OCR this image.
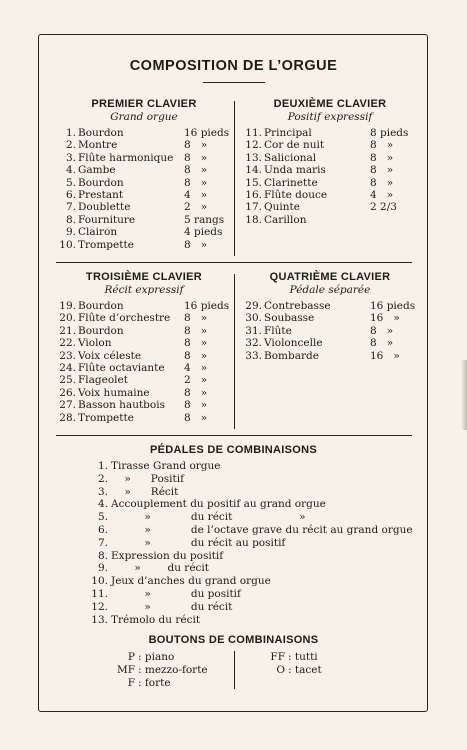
COMPOSITION DE L’ORGUE
PREMIER CLAVIER
Grand orgue
1. Bourdon	16 pieds
2. Montre	8   »
3. Flûte harmonique 8   »
4. Gambe	8   »
5. Bourdon	8   »
6. Prestant	4   »
7. Doublette	2   »
8. Fourniture	5 rangs
9. Clairon	4 pieds
10. Trompette	8   »
DEUXIÈME CLAVIER
Positif expressif
11. Principal	8 pieds
12. Cor de nuit	8   »
13. Salicional	8   »
14. Unda maris	8   »
15. Clarinette	8   »
16. Flûte douce	4   »
17. Quinte	2 2/3
18. Carillon
TROISIÈME CLAVIER
Récit expressif
19. Bourdon	16 pieds
20. Flûte d’orchestre 8   »
21. Bourdon	8   »
22. Violon	8   »
23. Voix céleste	8   »
24. Flûte octaviante 4   »
25. Flageolet	2   »
26. Voix humaine	8   »
27. Basson hautbois 8   »
28. Trompette	8   »
QUATRIÈME CLAVIER
Pédale séparée
29. Contrebasse	16 pieds
30. Soubasse	16   »
31. Flûte	8   »
32. Violoncelle	8   »
33. Bombarde	16   »
PÉDALES DE COMBINAISONS
1. Tirasse Grand orgue
2. »      Positif
3. »      Récit
4. Accouplement du positif au grand orgue
5. »            du récit                    »
6. »            de l’octave grave du récit au grand orgue
7. »            du récit au positif
8. Expression du positif
9. »        du récit
10. Jeux d’anches du grand orgue
11. »            du positif
12. »            du récit
13. Trémolo du récit
BOUTONS DE COMBINAISONS
P : piano
MF : mezzo-forte
F : forte
FF : tutti
O : tacet
